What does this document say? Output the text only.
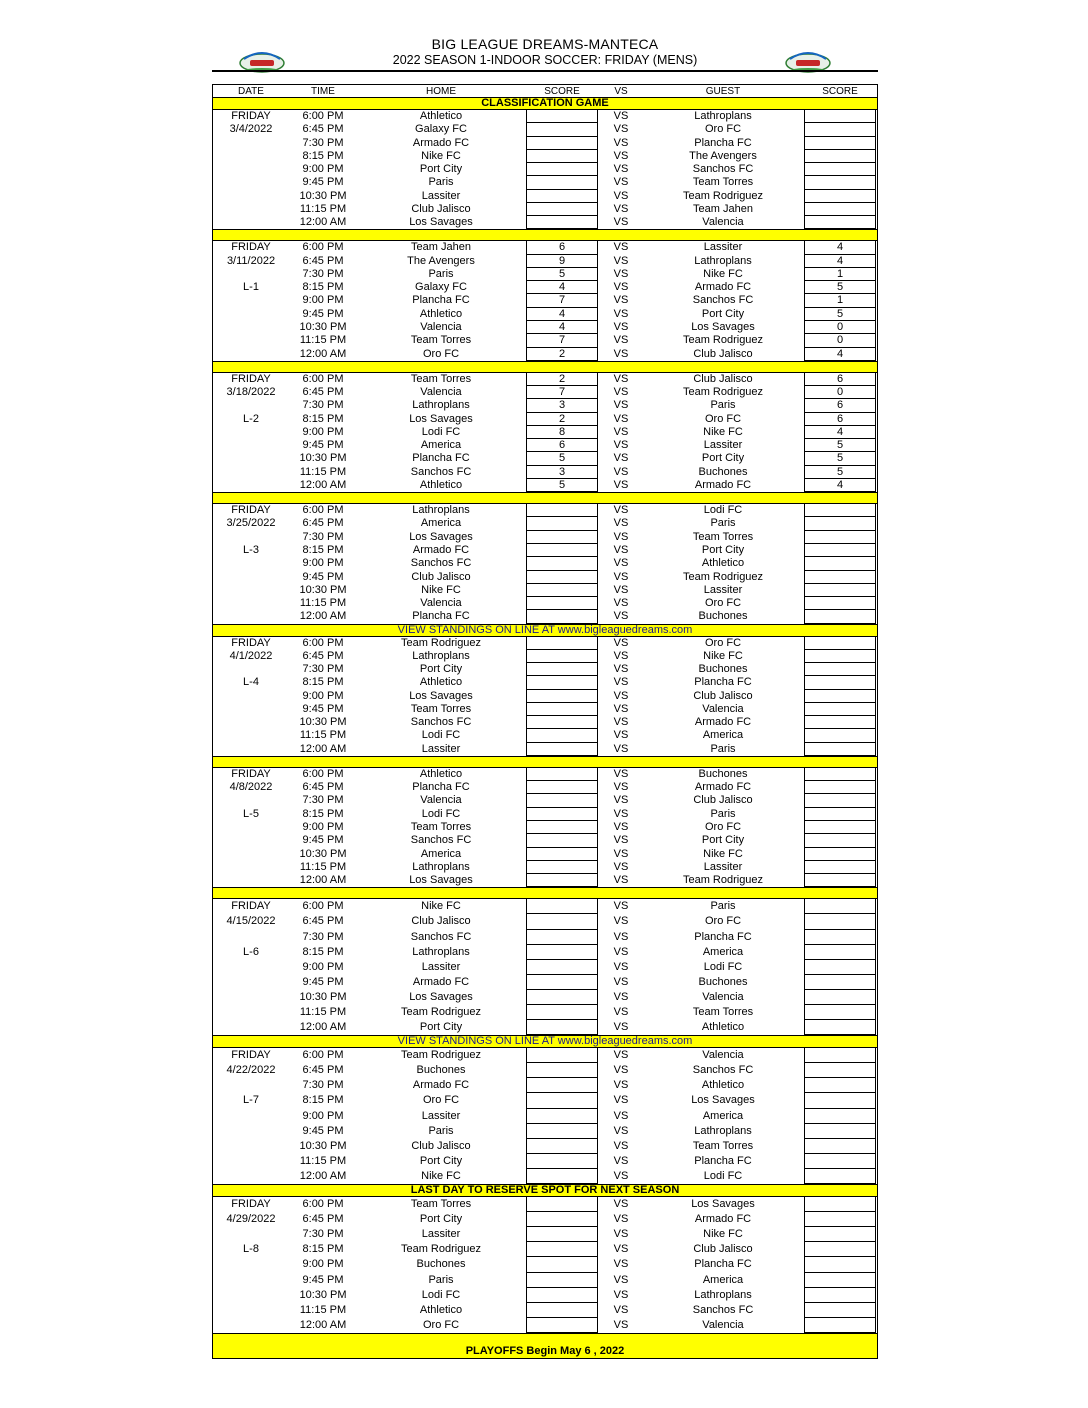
BIG LEAGUE DREAMS-MANTECA
2022 SEASON 1-INDOOR SOCCER: FRIDAY (MENS)
DATE	TIME	HOME	SCORE	VS	GUEST	SCORE
CLASSIFICATION GAME
FRIDAY	6:00 PM	Athletico	VS	Lathroplans
3/4/2022	6:45 PM	Galaxy FC	VS	Oro FC
7:30 PM	Armado FC	VS	Plancha FC
8:15 PM	Nike FC	VS	The Avengers
9:00 PM	Port City	VS	Sanchos FC
9:45 PM	Paris	VS	Team Torres
10:30 PM	Lassiter	VS	Team Rodriguez
11:15 PM	Club Jalisco	VS	Team Jahen
12:00 AM	Los Savages	VS	Valencia
FRIDAY	6:00 PM	Team Jahen	6	VS	Lassiter	4
3/11/2022	6:45 PM	The Avengers	9	VS	Lathroplans	4
7:30 PM	Paris	5	VS	Nike FC	1
L-1	8:15 PM	Galaxy FC	4	VS	Armado FC	5
9:00 PM	Plancha FC	7	VS	Sanchos FC	1
9:45 PM	Athletico	4	VS	Port City	5
10:30 PM	Valencia	4	VS	Los Savages	0
11:15 PM	Team Torres	7	VS	Team Rodriguez	0
12:00 AM	Oro FC	2	VS	Club Jalisco	4
FRIDAY	6:00 PM	Team Torres	2	VS	Club Jalisco	6
3/18/2022	6:45 PM	Valencia	7	VS	Team Rodriguez	0
7:30 PM	Lathroplans	3	VS	Paris	6
L-2	8:15 PM	Los Savages	2	VS	Oro FC	6
9:00 PM	Lodi FC	8	VS	Nike FC	4
9:45 PM	America	6	VS	Lassiter	5
10:30 PM	Plancha FC	5	VS	Port City	5
11:15 PM	Sanchos FC	3	VS	Buchones	5
12:00 AM	Athletico	5	VS	Armado FC	4
FRIDAY	6:00 PM	Lathroplans	VS	Lodi FC
3/25/2022	6:45 PM	America	VS	Paris
7:30 PM	Los Savages	VS	Team Torres
L-3	8:15 PM	Armado FC	VS	Port City
9:00 PM	Sanchos FC	VS	Athletico
9:45 PM	Club Jalisco	VS	Team Rodriguez
10:30 PM	Nike FC	VS	Lassiter
11:15 PM	Valencia	VS	Oro FC
12:00 AM	Plancha FC	VS	Buchones
VIEW STANDINGS ON LINE AT www.bigleaguedreams.com
FRIDAY	6:00 PM	Team Rodriguez	VS	Oro FC
4/1/2022	6:45 PM	Lathroplans	VS	Nike FC
7:30 PM	Port City	VS	Buchones
L-4	8:15 PM	Athletico	VS	Plancha FC
9:00 PM	Los Savages	VS	Club Jalisco
9:45 PM	Team Torres	VS	Valencia
10:30 PM	Sanchos FC	VS	Armado FC
11:15 PM	Lodi FC	VS	America
12:00 AM	Lassiter	VS	Paris
FRIDAY	6:00 PM	Athletico	VS	Buchones
4/8/2022	6:45 PM	Plancha FC	VS	Armado FC
7:30 PM	Valencia	VS	Club Jalisco
L-5	8:15 PM	Lodi FC	VS	Paris
9:00 PM	Team Torres	VS	Oro FC
9:45 PM	Sanchos FC	VS	Port City
10:30 PM	America	VS	Nike FC
11:15 PM	Lathroplans	VS	Lassiter
12:00 AM	Los Savages	VS	Team Rodriguez
FRIDAY	6:00 PM	Nike FC	VS	Paris
4/15/2022	6:45 PM	Club Jalisco	VS	Oro FC
7:30 PM	Sanchos FC	VS	Plancha FC
L-6	8:15 PM	Lathroplans	VS	America
9:00 PM	Lassiter	VS	Lodi FC
9:45 PM	Armado FC	VS	Buchones
10:30 PM	Los Savages	VS	Valencia
11:15 PM	Team Rodriguez	VS	Team Torres
12:00 AM	Port City	VS	Athletico
VIEW STANDINGS ON LINE AT www.bigleaguedreams.com
FRIDAY	6:00 PM	Team Rodriguez	VS	Valencia
4/22/2022	6:45 PM	Buchones	VS	Sanchos FC
7:30 PM	Armado FC	VS	Athletico
L-7	8:15 PM	Oro FC	VS	Los Savages
9:00 PM	Lassiter	VS	America
9:45 PM	Paris	VS	Lathroplans
10:30 PM	Club Jalisco	VS	Team Torres
11:15 PM	Port City	VS	Plancha FC
12:00 AM	Nike FC	VS	Lodi FC
LAST DAY TO RESERVE SPOT FOR NEXT SEASON
FRIDAY	6:00 PM	Team Torres	VS	Los Savages
4/29/2022	6:45 PM	Port City	VS	Armado FC
7:30 PM	Lassiter	VS	Nike FC
L-8	8:15 PM	Team Rodriguez	VS	Club Jalisco
9:00 PM	Buchones	VS	Plancha FC
9:45 PM	Paris	VS	America
10:30 PM	Lodi FC	VS	Lathroplans
11:15 PM	Athletico	VS	Sanchos FC
12:00 AM	Oro FC	VS	Valencia
PLAYOFFS Begin May 6 , 2022
